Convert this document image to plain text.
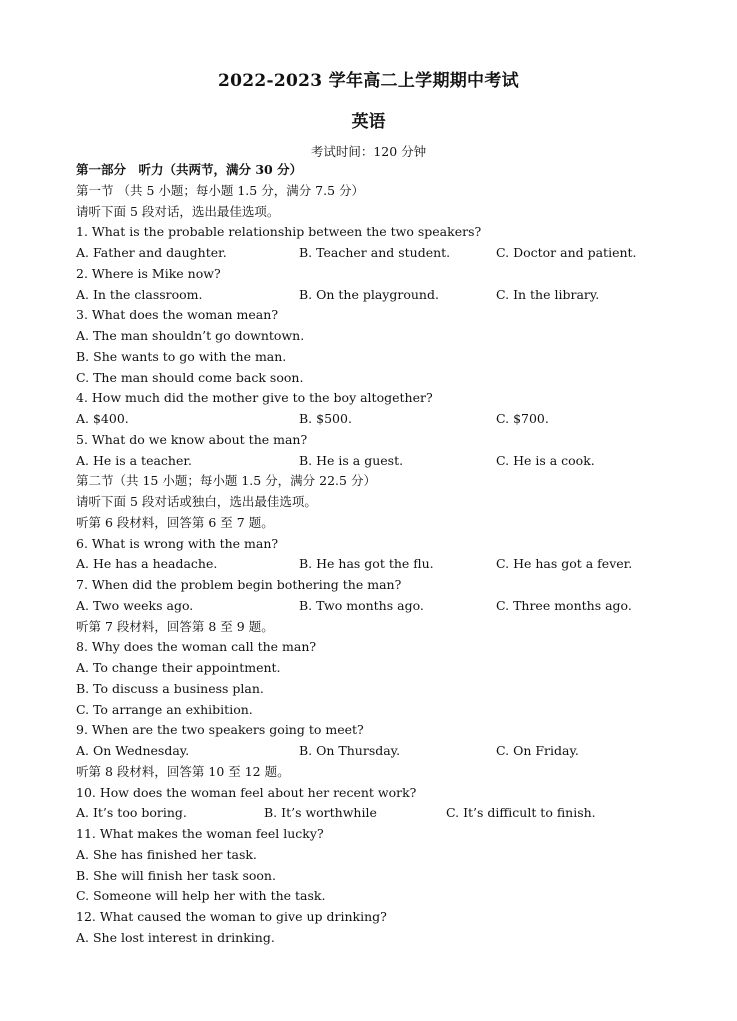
2022-2023 学年高二上学期期中考试
英语
考试时间：120 分钟
第一部分　听力（共两节，满分 30 分）
第一节 （共 5 小题；每小题 1.5 分，满分 7.5 分）
请听下面 5 段对话，选出最佳选项。
1. What is the probable relationship between the two speakers?
A. Father and daughter.	B. Teacher and student.	C. Doctor and patient.
2. Where is Mike now?
A. In the classroom.	B. On the playground.	C. In the library.
3. What does the woman mean?
A. The man shouldn’t go downtown.
B. She wants to go with the man.
C. The man should come back soon.
4. How much did the mother give to the boy altogether?
A. $400.	B. $500.	C. $700.
5. What do we know about the man?
A. He is a teacher.	B. He is a guest.	C. He is a cook.
第二节（共 15 小题；每小题 1.5 分，满分 22.5 分）
请听下面 5 段对话或独白，选出最佳选项。
听第 6 段材料，回答第 6 至 7 题。
6. What is wrong with the man?
A. He has a headache.	B. He has got the flu.	C. He has got a fever.
7. When did the problem begin bothering the man?
A. Two weeks ago.	B. Two months ago.	C. Three months ago.
听第 7 段材料，回答第 8 至 9 题。
8. Why does the woman call the man?
A. To change their appointment.
B. To discuss a business plan.
C. To arrange an exhibition.
9. When are the two speakers going to meet?
A. On Wednesday.	B. On Thursday.	C. On Friday.
听第 8 段材料，回答第 10 至 12 题。
10. How does the woman feel about her recent work?
A. It’s too boring.	B. It’s worthwhile	C. It’s difficult to finish.
11. What makes the woman feel lucky?
A. She has finished her task.
B. She will finish her task soon.
C. Someone will help her with the task.
12. What caused the woman to give up drinking?
A. She lost interest in drinking.
